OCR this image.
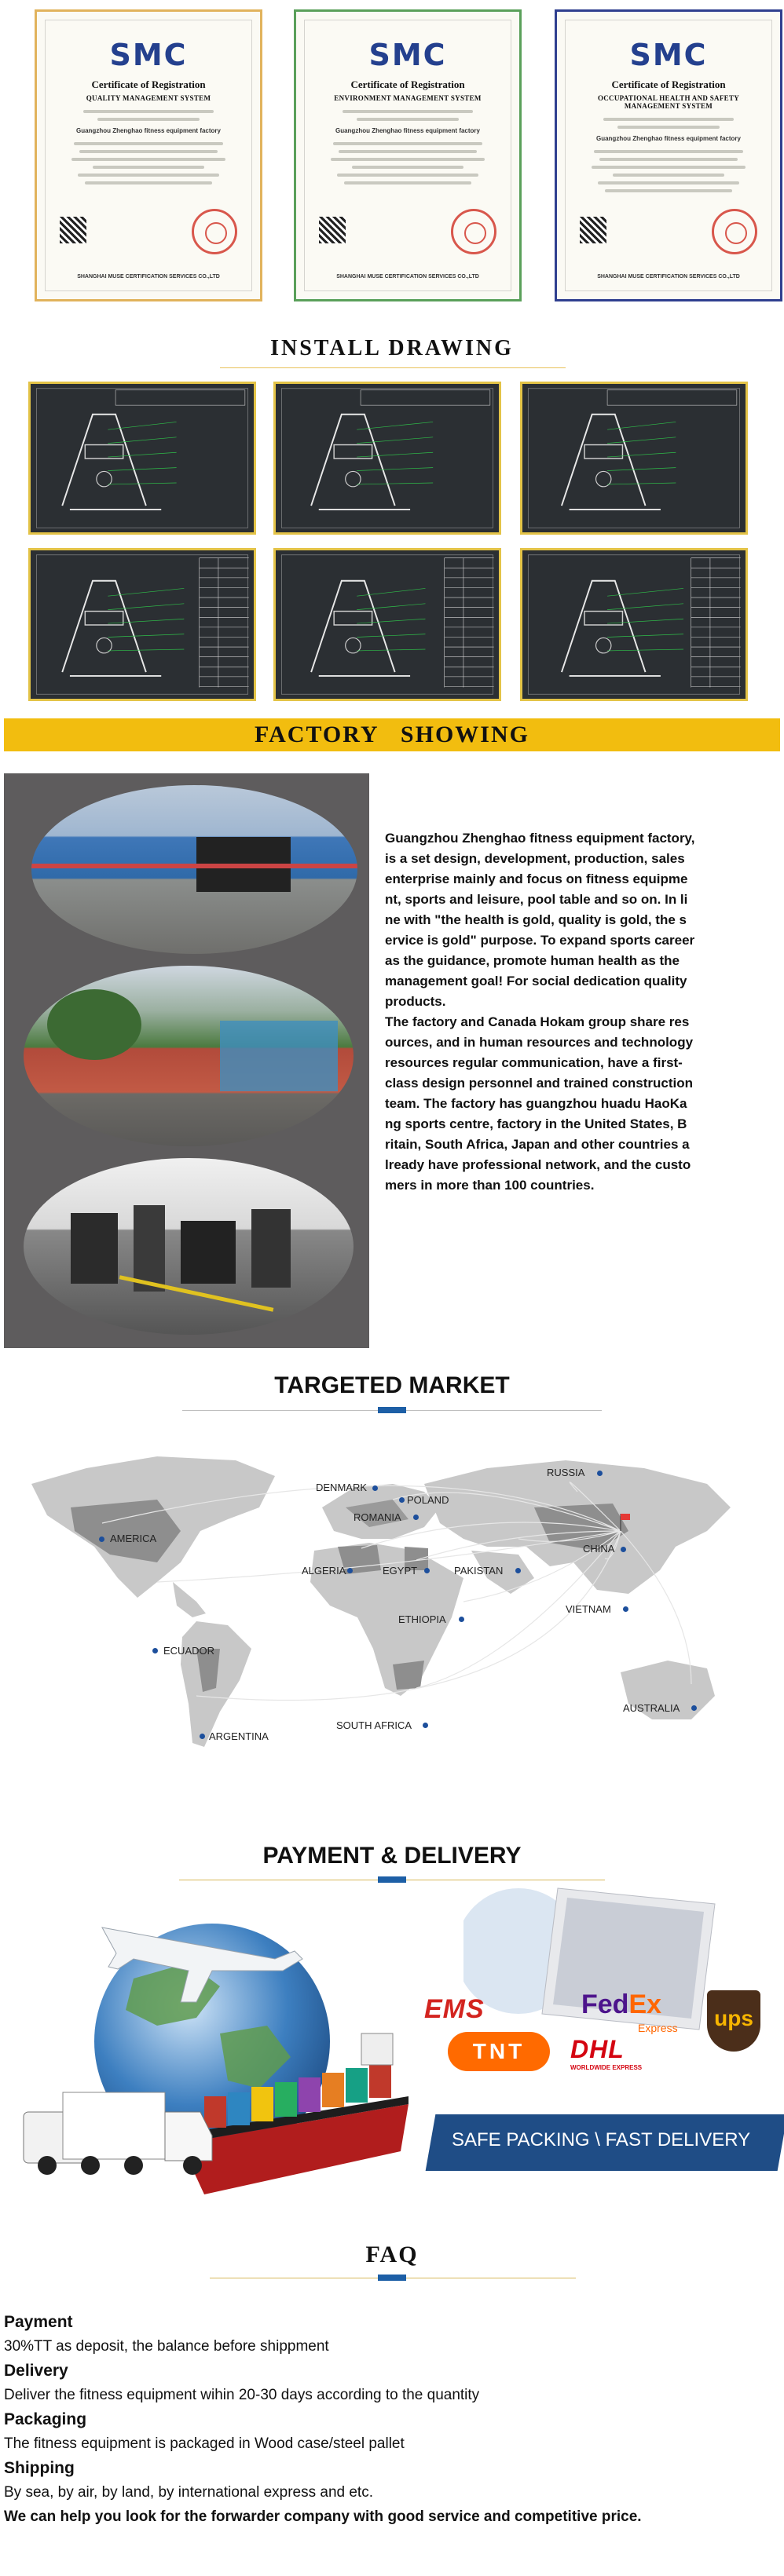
SMC
Certificate of Registration
QUALITY MANAGEMENT SYSTEM
Guangzhou Zhenghao fitness equipment factory
SHANGHAI MUSE CERTIFICATION SERVICES CO.,LTD
SMC
Certificate of Registration
ENVIRONMENT MANAGEMENT SYSTEM
Guangzhou Zhenghao fitness equipment factory
SHANGHAI MUSE CERTIFICATION SERVICES CO.,LTD
SMC
Certificate of Registration
OCCUPATIONAL HEALTH AND SAFETY MANAGEMENT SYSTEM
Guangzhou Zhenghao fitness equipment factory
SHANGHAI MUSE CERTIFICATION SERVICES CO.,LTD
INSTALL DRAWING
FACTORY   SHOWING

Guangzhou Zhenghao fitness equipment factory,
is a set design, development, production, sales
enterprise mainly and focus on fitness equipme
nt, sports and leisure, pool table and so on. In li
ne with "the health is gold, quality is gold, the s
ervice is gold" purpose. To expand sports career
as the guidance, promote human health as the
management goal! For social dedication quality
products.
The factory and Canada Hokam group share res
ources, and in human resources and technology
resources regular communication, have a first-
class design personnel and trained construction
team. The factory has guangzhou huadu HaoKa
ng sports centre, factory in the United States, B
ritain, South Africa, Japan and other countries a
lready have professional network, and the custo
mers in more than 100 countries.

TARGETED MARKET
RUSSIA
DENMARK
POLAND
ROMANIA
AMERICA
CHINA
ALGERIA	EGYPT	PAKISTAN
ETHIOPIA
VIETNAM
ECUADOR
AUSTRALIA
SOUTH AFRICA
ARGENTINA
PAYMENT & DELIVERY
EMS	FedEx
Express	ups
TNT	DHL
WORLDWIDE EXPRESS
SAFE PACKING \ FAST DELIVERY
FAQ
Payment
30%TT as deposit, the balance before shippment
Delivery
Deliver the fitness equipment wihin 20-30 days according to the quantity
Packaging
The fitness equipment is packaged in Wood case/steel pallet
Shipping
By sea, by air, by land, by international express and etc.
We can help you look for the forwarder company with good service and competitive price.
